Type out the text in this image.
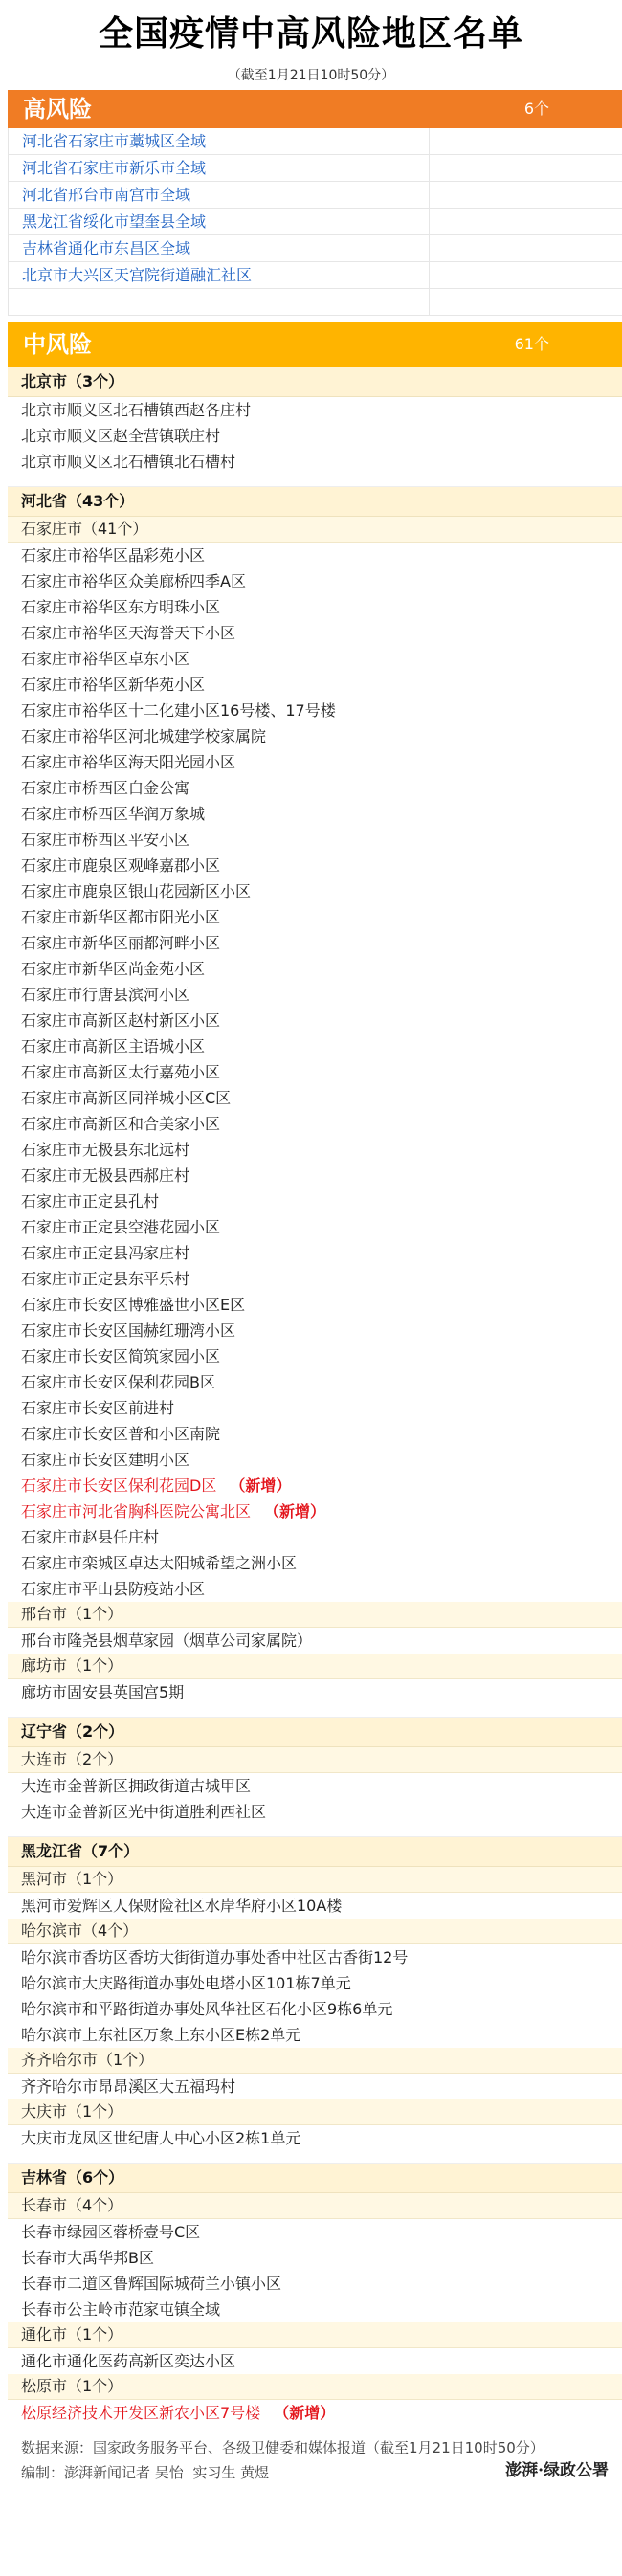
全国疫情中高风险地区名单
（截至1月21日10时50分）
高风险	6个
河北省石家庄市藁城区全域
河北省石家庄市新乐市全域
河北省邢台市南宫市全域
黑龙江省绥化市望奎县全域
吉林省通化市东昌区全域
北京市大兴区天宫院街道融汇社区
中风险	61个
北京市（3个）
北京市顺义区北石槽镇西赵各庄村
北京市顺义区赵全营镇联庄村
北京市顺义区北石槽镇北石槽村
河北省（43个）
石家庄市（41个）
石家庄市裕华区晶彩苑小区
石家庄市裕华区众美廊桥四季A区
石家庄市裕华区东方明珠小区
石家庄市裕华区天海誉天下小区
石家庄市裕华区卓东小区
石家庄市裕华区新华苑小区
石家庄市裕华区十二化建小区16号楼、17号楼
石家庄市裕华区河北城建学校家属院
石家庄市裕华区海天阳光园小区
石家庄市桥西区白金公寓
石家庄市桥西区华润万象城
石家庄市桥西区平安小区
石家庄市鹿泉区观峰嘉郡小区
石家庄市鹿泉区银山花园新区小区
石家庄市新华区都市阳光小区
石家庄市新华区丽都河畔小区
石家庄市新华区尚金苑小区
石家庄市行唐县滨河小区
石家庄市高新区赵村新区小区
石家庄市高新区主语城小区
石家庄市高新区太行嘉苑小区
石家庄市高新区同祥城小区C区
石家庄市高新区和合美家小区
石家庄市无极县东北远村
石家庄市无极县西郝庄村
石家庄市正定县孔村
石家庄市正定县空港花园小区
石家庄市正定县冯家庄村
石家庄市正定县东平乐村
石家庄市长安区博雅盛世小区E区
石家庄市长安区国赫红珊湾小区
石家庄市长安区简筑家园小区
石家庄市长安区保利花园B区
石家庄市长安区前进村
石家庄市长安区普和小区南院
石家庄市长安区建明小区
石家庄市长安区保利花园D区 （新增）
石家庄市河北省胸科医院公寓北区 （新增）
石家庄市赵县任庄村
石家庄市栾城区卓达太阳城希望之洲小区
石家庄市平山县防疫站小区
邢台市（1个）
邢台市隆尧县烟草家园（烟草公司家属院）
廊坊市（1个）
廊坊市固安县英国宫5期
辽宁省（2个）
大连市（2个）
大连市金普新区拥政街道古城甲区
大连市金普新区光中街道胜利西社区
黑龙江省（7个）
黑河市（1个）
黑河市爱辉区人保财险社区水岸华府小区10A楼
哈尔滨市（4个）
哈尔滨市香坊区香坊大街街道办事处香中社区古香街12号
哈尔滨市大庆路街道办事处电塔小区101栋7单元
哈尔滨市和平路街道办事处风华社区石化小区9栋6单元
哈尔滨市上东社区万象上东小区E栋2单元
齐齐哈尔市（1个）
齐齐哈尔市昂昂溪区大五福玛村
大庆市（1个）
大庆市龙凤区世纪唐人中心小区2栋1单元
吉林省（6个）
长春市（4个）
长春市绿园区蓉桥壹号C区
长春市大禹华邦B区
长春市二道区鲁辉国际城荷兰小镇小区
长春市公主岭市范家屯镇全域
通化市（1个）
通化市通化医药高新区奕达小区
松原市（1个）
松原经济技术开发区新农小区7号楼 （新增）
数据来源：国家政务服务平台、各级卫健委和媒体报道（截至1月21日10时50分）
编制：澎湃新闻记者 吴怡 实习生 黄煜	澎湃·绿政公署
